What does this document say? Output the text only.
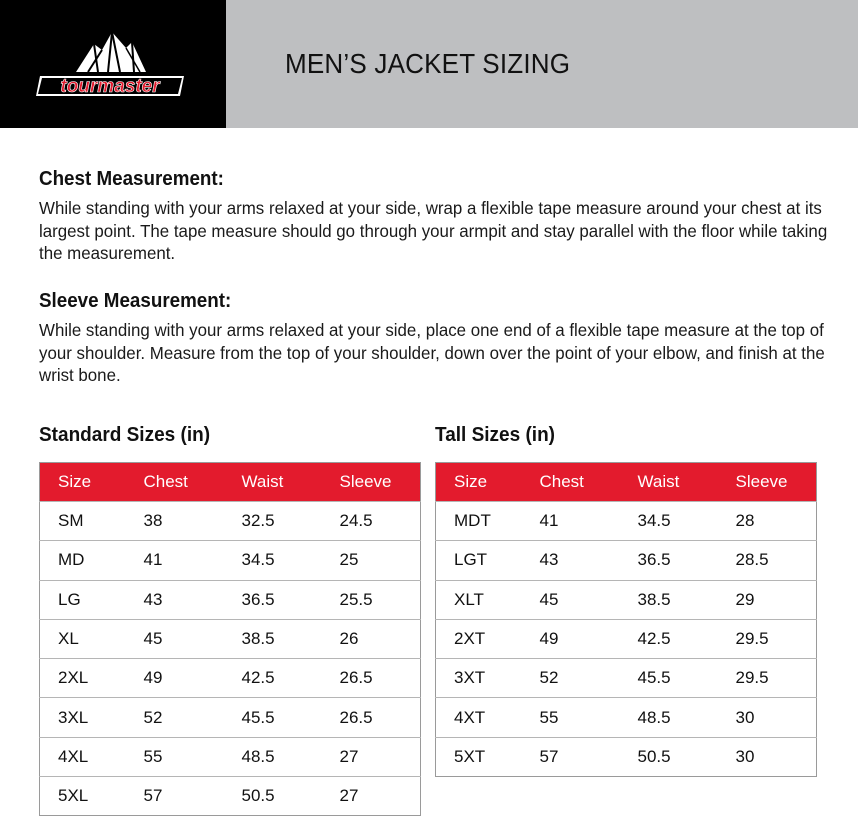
tourmaster
MEN’S JACKET SIZING
Chest Measurement:

While standing with your arms relaxed at your side, wrap a flexible tape measure around your chest at its largest point. The tape measure should go through your armpit and stay parallel with the floor while taking the measurement.

Sleeve Measurement:

While standing with your arms relaxed at your side, place one end of a flexible tape measure at the top of your shoulder. Measure from the top of your shoulder, down over the point of your elbow, and finish at the wrist bone.

Standard Sizes (in)
Size	Chest	Waist	Sleeve
SM	38	32.5	24.5
MD	41	34.5	25
LG	43	36.5	25.5
XL	45	38.5	26
2XL	49	42.5	26.5
3XL	52	45.5	26.5
4XL	55	48.5	27
5XL	57	50.5	27
Tall Sizes (in)
Size	Chest	Waist	Sleeve
MDT	41	34.5	28
LGT	43	36.5	28.5
XLT	45	38.5	29
2XT	49	42.5	29.5
3XT	52	45.5	29.5
4XT	55	48.5	30
5XT	57	50.5	30
